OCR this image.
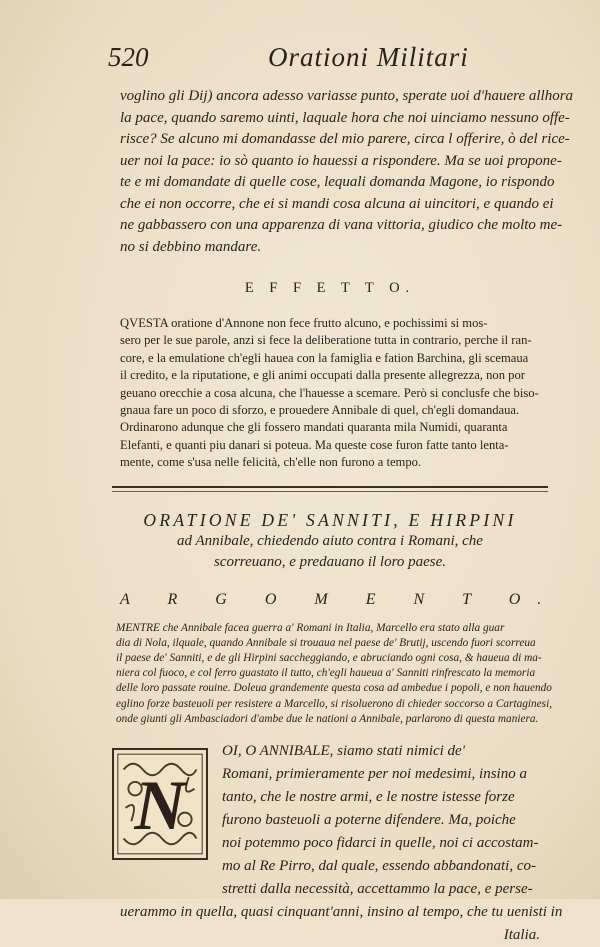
520	Orationi Militari
voglino gli Dij) ancora adesso variasse punto, sperate uoi d'hauere allhora
la pace, quando saremo uinti, laquale hora che noi uinciamo nessuno offe-
risce? Se alcuno mi domandasse del mio parere, circa l offerire, ò del rice-
uer noi la pace: io sò quanto io hauessi a rispondere. Ma se uoi propone-
te e mi domandate di quelle cose, lequali domanda Magone, io rispondo
che ei non occorre, che ei si mandi cosa alcuna ai uincitori, e quando ei
ne gabbassero con una apparenza di vana vittoria, giudico che molto me-
no si debbino mandare.
E F F E T T O.
QVESTA oratione d'Annone non fece frutto alcuno, e pochissimi si mos-
sero per le sue parole, anzi si fece la deliberatione tutta in contrario, perche il ran-
core, e la emulatione ch'egli haueа con la famiglia e fation Barchina, gli scemaua
il credito, e la riputatione, e gli animi occupati dalla presente allegrezza, non por
geuano orecchie a cosa alcuna, che l'hauesse a scemare. Però si conclusfe che biso-
gnaua fare un poco di sforzo, e prouedere Annibale di quel, ch'egli domandaua.
Ordinarono adunque che gli fossero mandati quaranta mila Numidi, quaranta
Elefanti, e quanti piu danari si poteua. Ma queste cose furon fatte tanto lenta-
mente, come s'usa nelle felicità, ch'elle non furono a tempo.
ORATIONE DE' SANNITI, E HIRPINI
ad Annibale, chiedendo aiuto contra i Romani, che
scorreuano, e predauano il loro paese.
A R G O M E N T O.
MENTRE che Annibale faceа guerra a' Romani in Italia, Marcello era stato alla guar
dia di Nola, ilquale, quando Annibale si trouaua nel paese de' Brutij, uscendo fuori scorreua
il paese de' Sanniti, e de gli Hirpini saccheggiando, e abruciando ogni cosa, & haueua di ma-
niera col fuoco, e col ferro guastato il tutto, ch'egli haueua a' Sanniti rinfrescato la memoria
delle loro passate rouine. Doleua grandemente questa cosa ad ambedue i popoli, e non hauendo
eglino forze basteuoli per resistere a Marcello, si risoluerono di chieder soccorso a Cartaginesi,
onde giunti gli Ambasciadori d'ambe due le nationi a Annibale, parlarono di questa maniera.
N
OI, O ANNIBALE, siamo stati nimici de'
Romani, primieramente per noi medesimi, insino a
tanto, che le nostre armi, e le nostre istesse forze
furono basteuoli a poterne difendere. Ma, poiche
noi potemmo poco fidarci in quelle, noi ci accostam-
mo al Re Pirro, dal quale, essendo abbandonati, co-
stretti dalla necessità, accettammo la pace, e perse-
uerammo in quella, quasi cinquant'anni, insino al tempo, che tu uenisti in
Italia.
